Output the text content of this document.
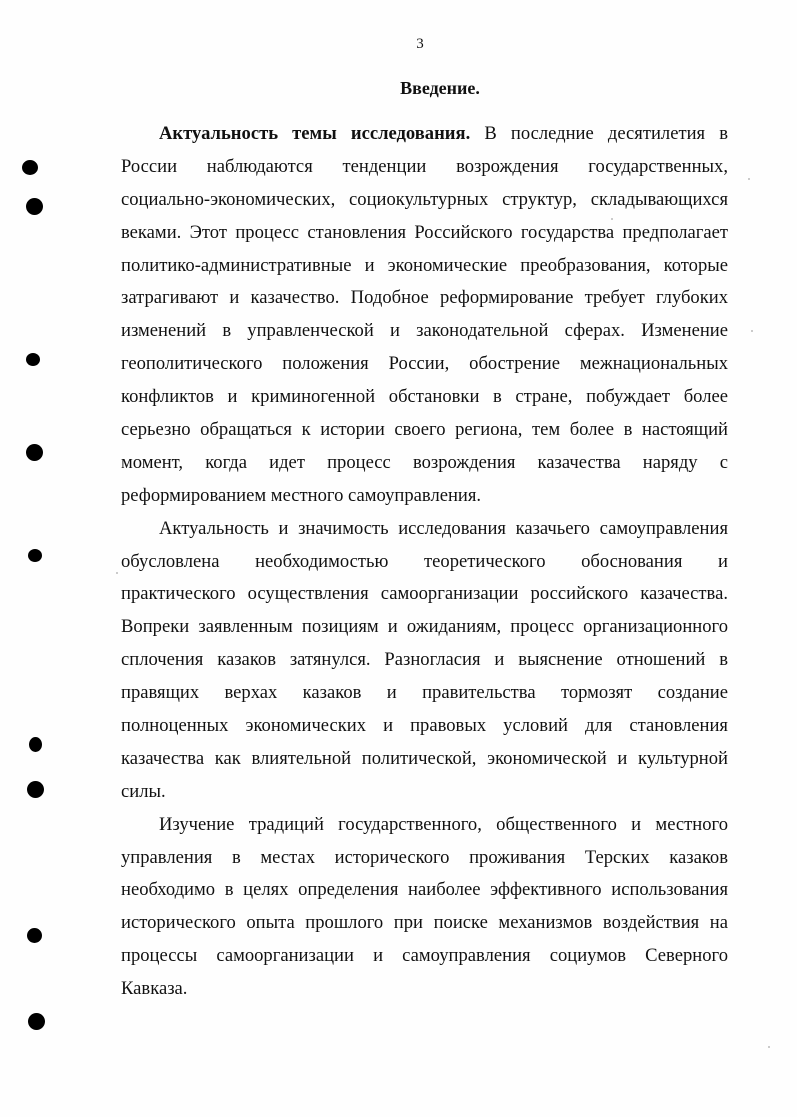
3
Введение.
Актуальность темы исследования. В последние десятилетия в
России наблюдаются тенденции возрождения государственных,
социально-экономических, социокультурных структур, складывающихся
веками. Этот процесс становления Российского государства предполагает
политико-административные и экономические преобразования, которые
затрагивают и казачество. Подобное реформирование требует глубоких
изменений в управленческой и законодательной сферах. Изменение
геополитического положения России, обострение межнациональных
конфликтов и криминогенной обстановки в стране, побуждает более
серьезно обращаться к истории своего региона, тем более в настоящий
момент, когда идет процесс возрождения казачества наряду с
реформированием местного самоуправления.
Актуальность и значимость исследования казачьего самоуправления
обусловлена необходимостью теоретического обоснования и
практического осуществления самоорганизации российского казачества.
Вопреки заявленным позициям и ожиданиям, процесс организационного
сплочения казаков затянулся. Разногласия и выяснение отношений в
правящих верхах казаков и правительства тормозят создание
полноценных экономических и правовых условий для становления
казачества как влиятельной политической, экономической и культурной
силы.
Изучение традиций государственного, общественного и местного
управления в местах исторического проживания Терских казаков
необходимо в целях определения наиболее эффективного использования
исторического опыта прошлого при поиске механизмов воздействия на
процессы самоорганизации и самоуправления социумов Северного
Кавказа.
